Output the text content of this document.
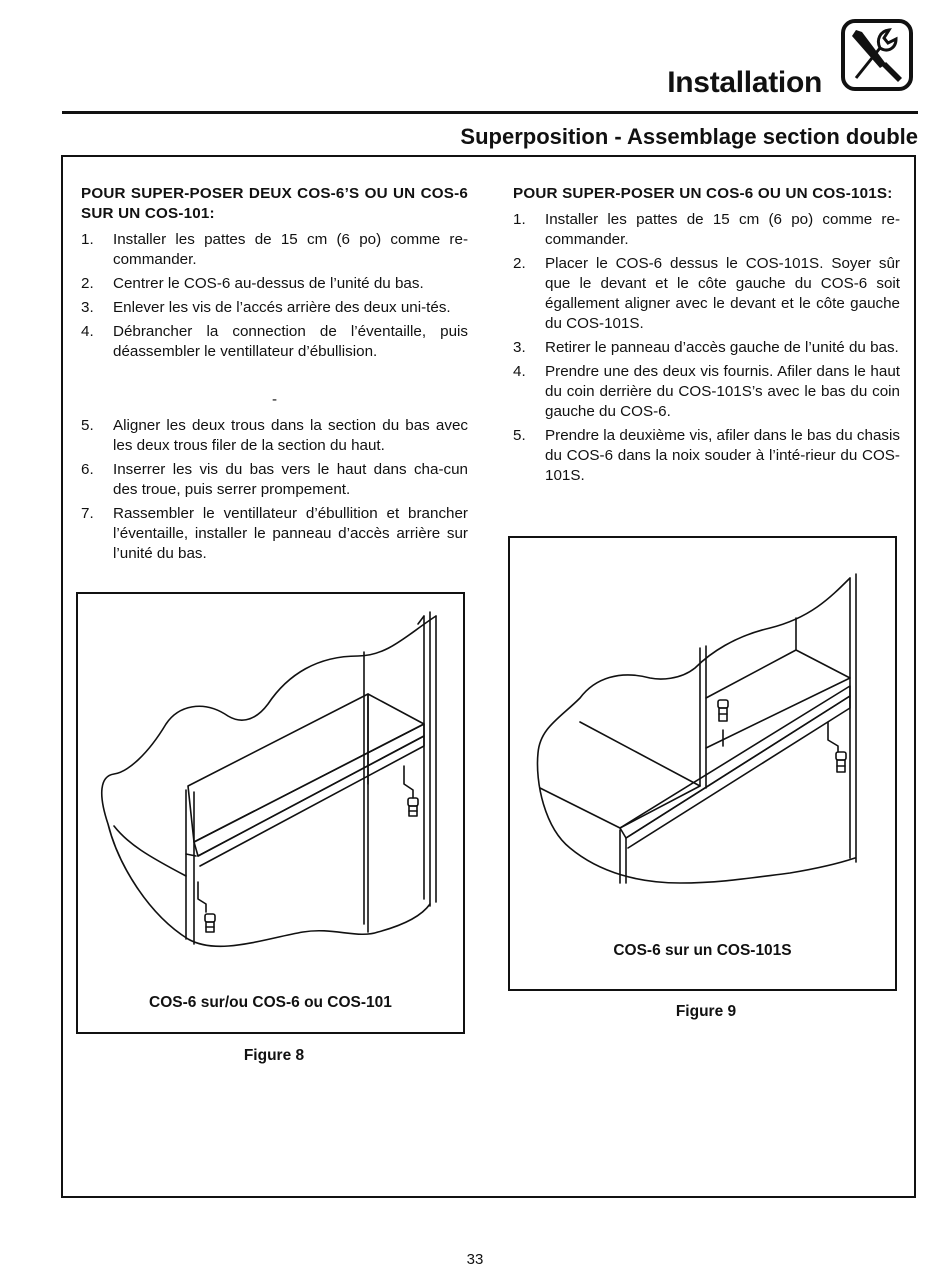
Installation
Superposition - Assemblage section double
POUR SUPER-POSER DEUX COS-6’S OU UN COS-6 SUR UN COS-101:
1. Installer les pattes de 15 cm (6 po) comme re-commander.
2. Centrer le COS-6 au-dessus de l’unité du bas.
3. Enlever les vis de l’accés arrière des deux uni-tés.
4. Débrancher la connection de l’éventaille, puis déassembler le ventillateur d’ébullision.
-
5. Aligner les deux trous dans la section du bas avec les deux trous filer de la section du haut.
6. Inserrer les vis du bas vers le haut dans cha-cun des troue, puis serrer prompement.
7. Rassembler le ventillateur d’ébullition et brancher l’éventaille, installer le panneau d’accès arrière sur l’unité du bas.
POUR SUPER-POSER UN COS-6 OU UN COS-101S:
1. Installer les pattes de 15 cm (6 po) comme re-commander.
2. Placer le COS-6 dessus le COS-101S. Soyer sûr que le devant et le côte gauche du COS-6 soit égallement aligner avec le devant et le côte gauche du COS-101S.
3. Retirer le panneau d’accès gauche de l’unité du bas.
4. Prendre une des deux vis fournis. Afiler dans le haut du coin derrière du COS-101S’s avec le bas du coin gauche du COS-6.
5. Prendre la deuxième vis, afiler dans le bas du chasis du COS-6 dans la noix souder à l’inté-rieur du COS-101S.
COS-6 sur/ou COS-6 ou COS-101
Figure 8
COS-6 sur un COS-101S
Figure 9
33
